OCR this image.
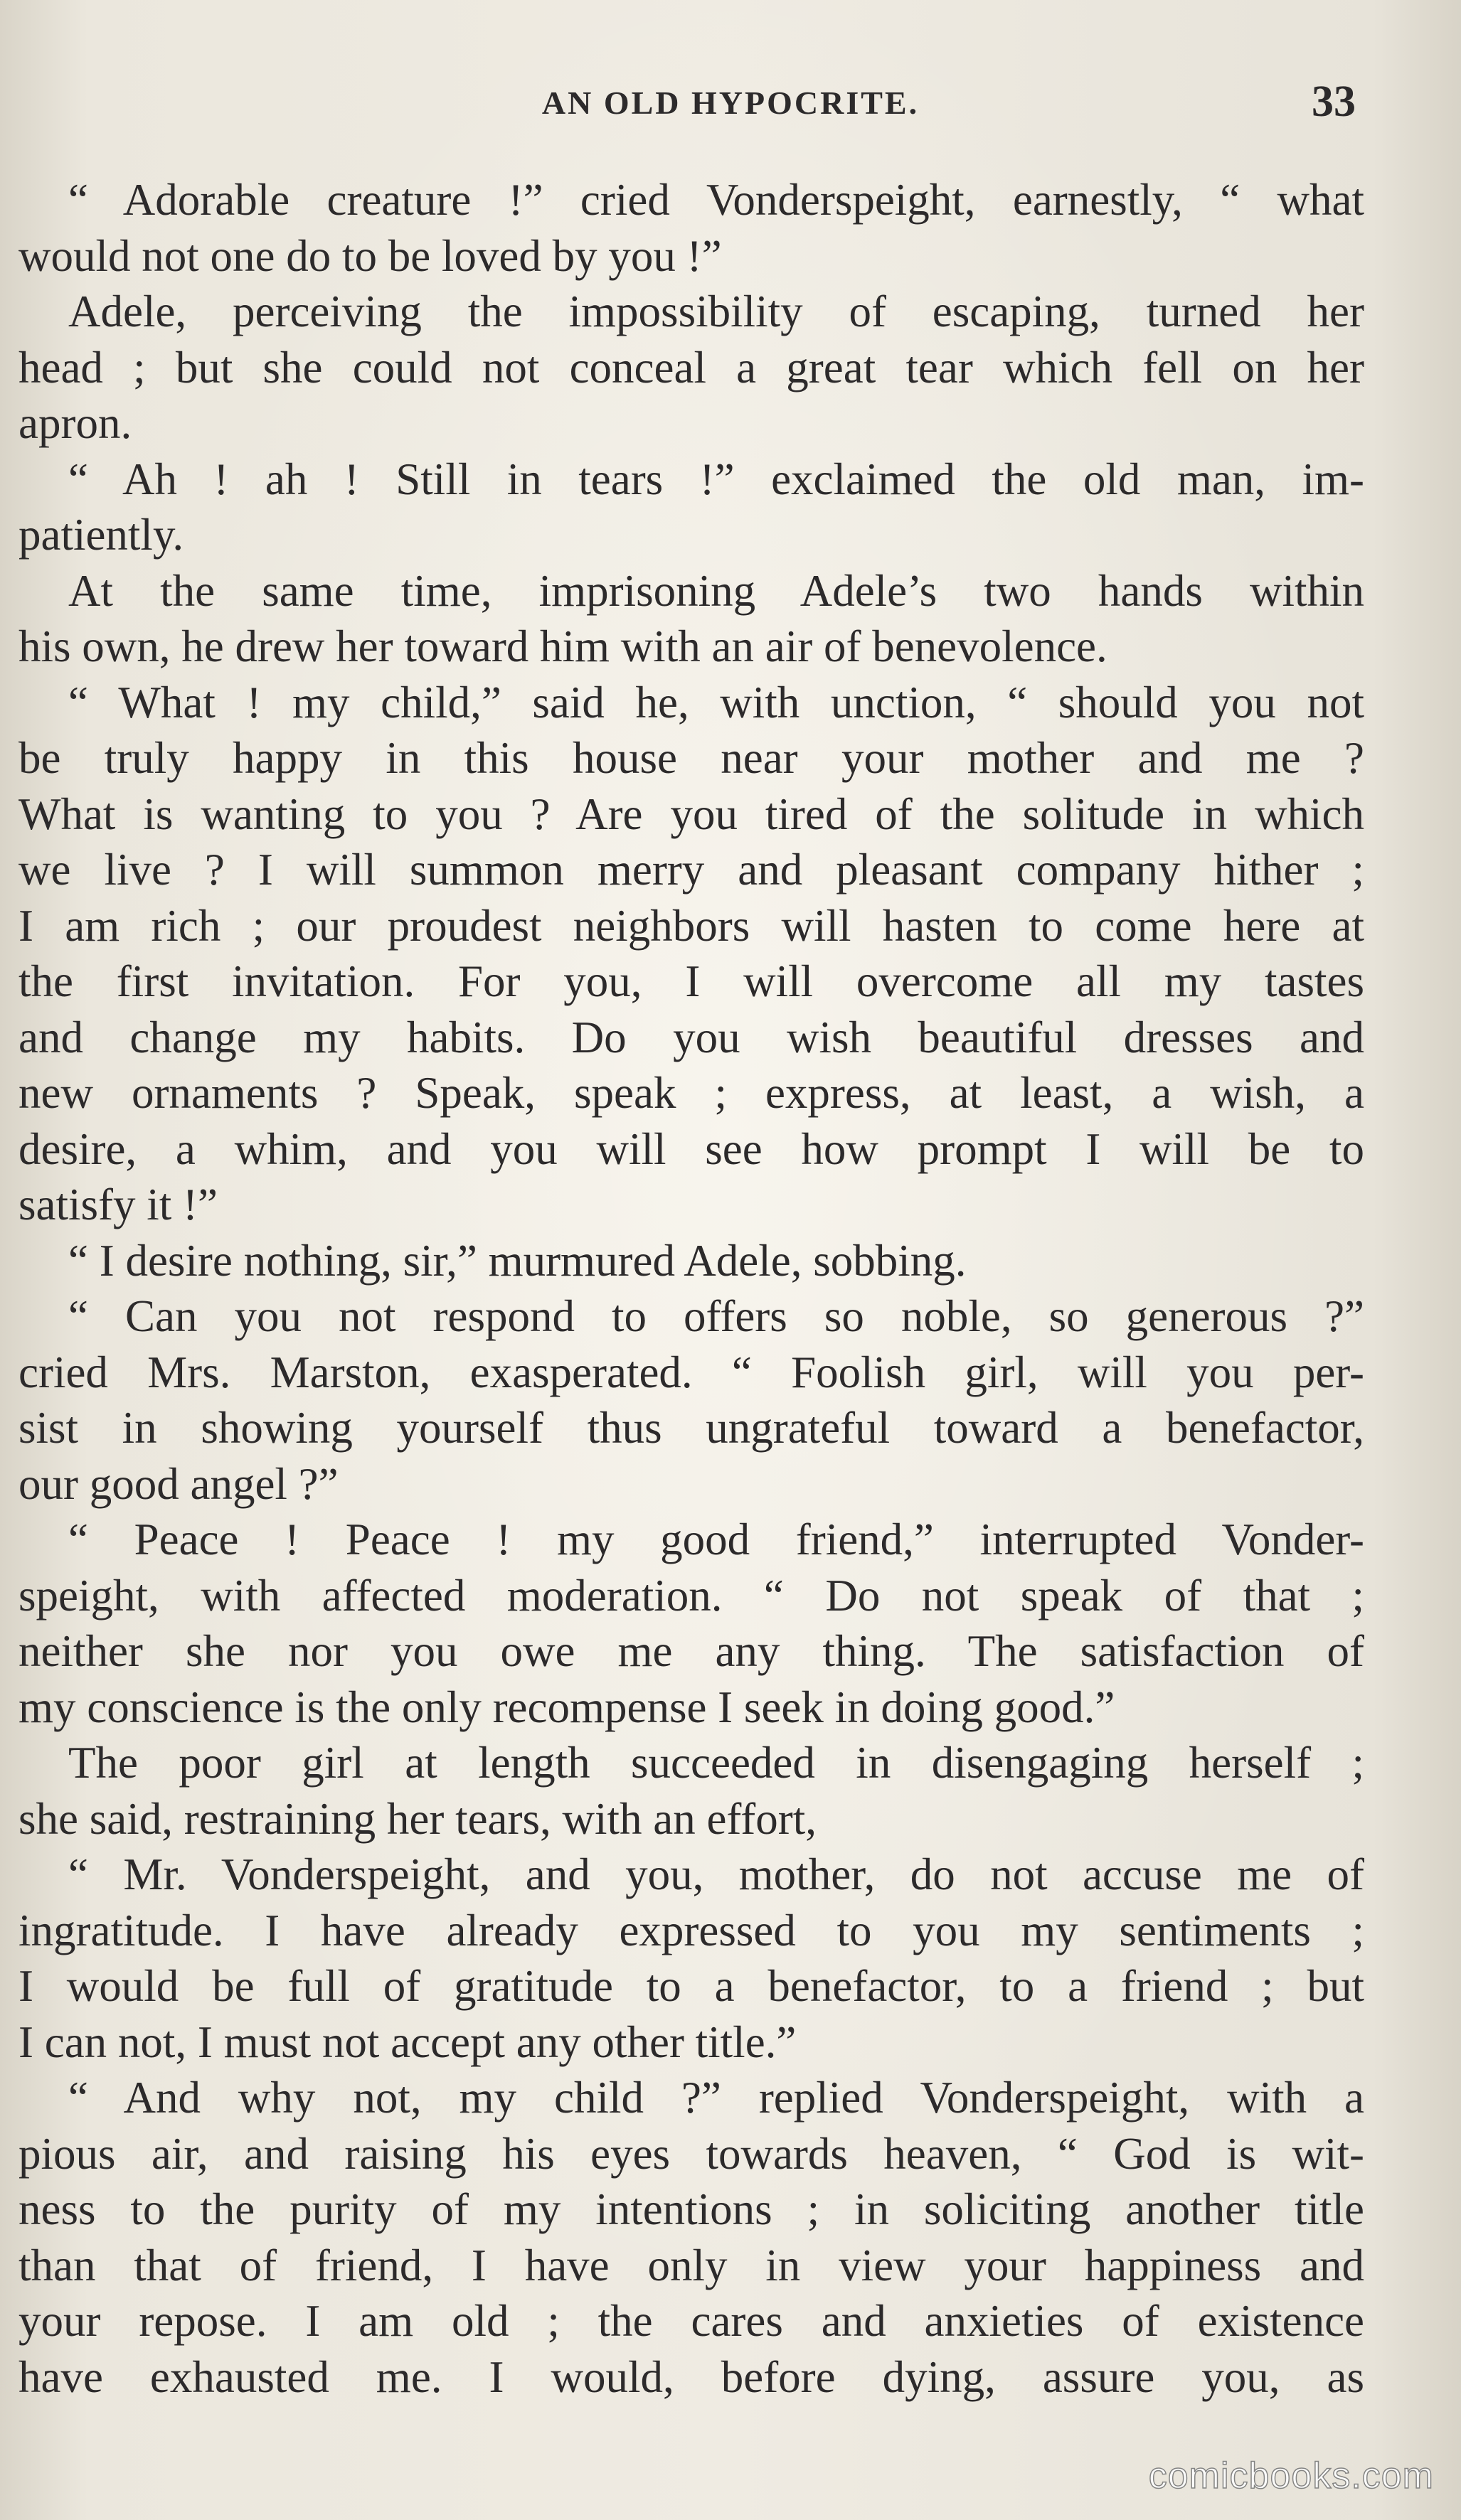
AN OLD HYPOCRITE.	33
“ Adorable creature !” cried Vonderspeight, earnestly, “ what
would not one do to be loved by you !”
Adele, perceiving the impossibility of escaping, turned her
head ; but she could not conceal a great tear which fell on her
apron.
“ Ah ! ah ! Still in tears !” exclaimed the old man, im-
patiently.
At the same time, imprisoning Adele’s two hands within
his own, he drew her toward him with an air of benevolence.
“ What ! my child,” said he, with unction, “ should you not
be truly happy in this house near your mother and me ?
What is wanting to you ? Are you tired of the solitude in which
we live ? I will summon merry and pleasant company hither ;
I am rich ; our proudest neighbors will hasten to come here at
the first invitation. For you, I will overcome all my tastes
and change my habits. Do you wish beautiful dresses and
new ornaments ? Speak, speak ; express, at least, a wish, a
desire, a whim, and you will see how prompt I will be to
satisfy it !”
“ I desire nothing, sir,” murmured Adele, sobbing.
“ Can you not respond to offers so noble, so generous ?”
cried Mrs. Marston, exasperated. “ Foolish girl, will you per-
sist in showing yourself thus ungrateful toward a benefactor,
our good angel ?”
“ Peace ! Peace ! my good friend,” interrupted Vonder-
speight, with affected moderation. “ Do not speak of that ;
neither she nor you owe me any thing. The satisfaction of
my conscience is the only recompense I seek in doing good.”
The poor girl at length succeeded in disengaging herself ;
she said, restraining her tears, with an effort,
“ Mr. Vonderspeight, and you, mother, do not accuse me of
ingratitude. I have already expressed to you my sentiments ;
I would be full of gratitude to a benefactor, to a friend ; but
I can not, I must not accept any other title.”
“ And why not, my child ?” replied Vonderspeight, with a
pious air, and raising his eyes towards heaven, “ God is wit-
ness to the purity of my intentions ; in soliciting another title
than that of friend, I have only in view your happiness and
your repose. I am old ; the cares and anxieties of existence
have exhausted me. I would, before dying, assure you, as
comicbooks.com
